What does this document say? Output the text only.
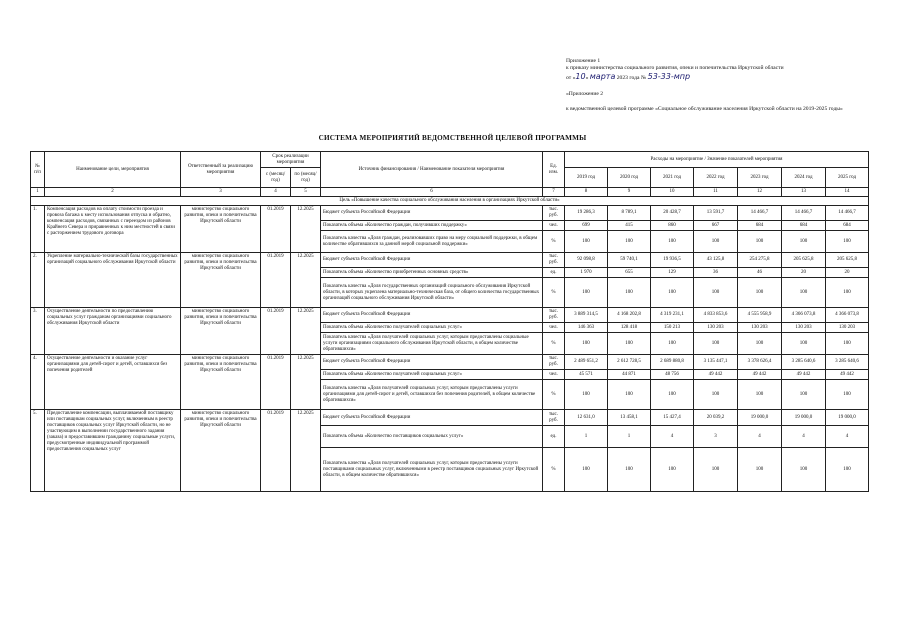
Приложение 1
к приказу министерства социального развития, опеки и попечительства Иркутской области
от «10» марта 2023 года № 53-33-мпр
«Приложение 2
к ведомственной целевой программе «Социальное обслуживание населения Иркутской области на 2019-2025 годы»
СИСТЕМА МЕРОПРИЯТИЙ ВЕДОМСТВЕННОЙ ЦЕЛЕВОЙ ПРОГРАММЫ
№ п/п	Наименование цели, мероприятия	Ответственный за реализацию мероприятия	Срок реализации мероприятия		Источник финансирования / Наименование показателя мероприятия	Ед. изм.	Расходы на мероприятие / Значение показателей мероприятия						
			с (месяц/ год)	по (месяц/ год)			2019 год	2020 год	2021 год	2022 год	2023 год	2024 год	2025 год
1	2	3	4	5	6	7	8	9	10	11	12	13	14
Цель «Повышение качества социального обслуживания населения в организациях Иркутской области»													
1.	Компенсация расходов на оплату стоимости проезда и провоза багажа к месту использования отпуска и обратно, компенсация расходов, связанных с переездом из районов Крайнего Севера и приравненных к ним местностей в связи с расторжением трудового договора	министерство социального развития, опеки и попечительства Иркутской области	01.2019	12.2025	Бюджет субъекта Российской Федерации	тыс. руб.	19 286,3	8 789,1	20 428,7	13 591,7	14 466,7	14 466,7	14 466,7
					Показатель объема «Количество граждан, получивших поддержку»	чел.	699	415	860	667	684	684	684
					Показатель качества «Доля граждан, реализовавших право на меру социальной поддержки, в общем количестве обратившихся за данной мерой социальной поддержки»	%	100	100	100	100	100	100	100
2.	Укрепление материально-технической базы государственных организаций социального обслуживания Иркутской области	министерство социального развития, опеки и попечительства Иркутской области	01.2019	12.2025	Бюджет субъекта Российской Федерации	тыс. руб.	92 098,8	59 740,1	19 936,5	43 125,8	254 275,8	205 625,8	205 625,8
					Показатель объема «Количество приобретенных основных средств»	ед.	1 970	655	129	36	46	20	20
					Показатель качества «Доля государственных организаций социального обслуживания Иркутской области, в которых укреплена материально-техническая база, от общего количества государственных организаций социального обслуживания Иркутской области»	%	100	100	100	100	100	100	100
3.	Осуществление деятельности по предоставлению социальных услуг гражданам организациями социального обслуживания Иркутской области	министерство социального развития, опеки и попечительства Иркутской области	01.2019	12.2025	Бюджет субъекта Российской Федерации	тыс. руб.	3 889 314,5	4 168 202,8	4 319 231,1	4 833 853,6	4 555 958,9	4 366 073,8	4 366 073,8
					Показатель объема «Количество получателей социальных услуг»	чел.	146 363	128 418	150 213	130 203	130 203	130 203	130 203
					Показатель качества «Доля получателей социальных услуг, которым предоставлены социальные услуги организациями социального обслуживания Иркутской области, в общем количестве обратившихся»	%	100	100	100	100	100	100	100
4.	Осуществление деятельности и оказание услуг организациями для детей-сирот и детей, оставшихся без попечения родителей	министерство социального развития, опеки и попечительства Иркутской области	01.2019	12.2025	Бюджет субъекта Российской Федерации	тыс. руб.	2 489 651,2	2 612 728,5	2 689 880,8	3 135 447,1	3 378 626,4	3 285 640,6	3 285 640,6
					Показатель объема «Количество получателей социальных услуг»	чел.	45 571	44 871	48 756	49 442	49 442	49 442	49 442
					Показатель качества «Доля получателей социальных услуг, которым предоставлены услуги организациями для детей-сирот и детей, оставшихся без попечения родителей, в общем количестве обратившихся»	%	100	100	100	100	100	100	100
5.	Предоставление компенсации, выплачиваемой поставщику или поставщикам социальных услуг, включенным в реестр поставщиков социальных услуг Иркутской области, но не участвующим в выполнении государственного задания (заказа) и предоставившим гражданину социальные услуги, предусмотренные индивидуальной программой предоставления социальных услуг	министерство социального развития, опеки и попечительства Иркутской области	01.2019	12.2025	Бюджет субъекта Российской Федерации	тыс. руб.	12 631,0	13 458,1	15 427,4	20 039,2	19 000,0	19 000,0	19 000,0
					Показатель объема «Количество поставщиков социальных услуг»	ед.	1	1	4	3	4	4	4
					Показатель качества «Доля получателей социальных услуг, которым предоставлены услуги поставщиками социальных услуг, включенными в реестр поставщиков социальных услуг Иркутской области, в общем количестве обратившихся»	%	100	100	100	100	100	100	100
